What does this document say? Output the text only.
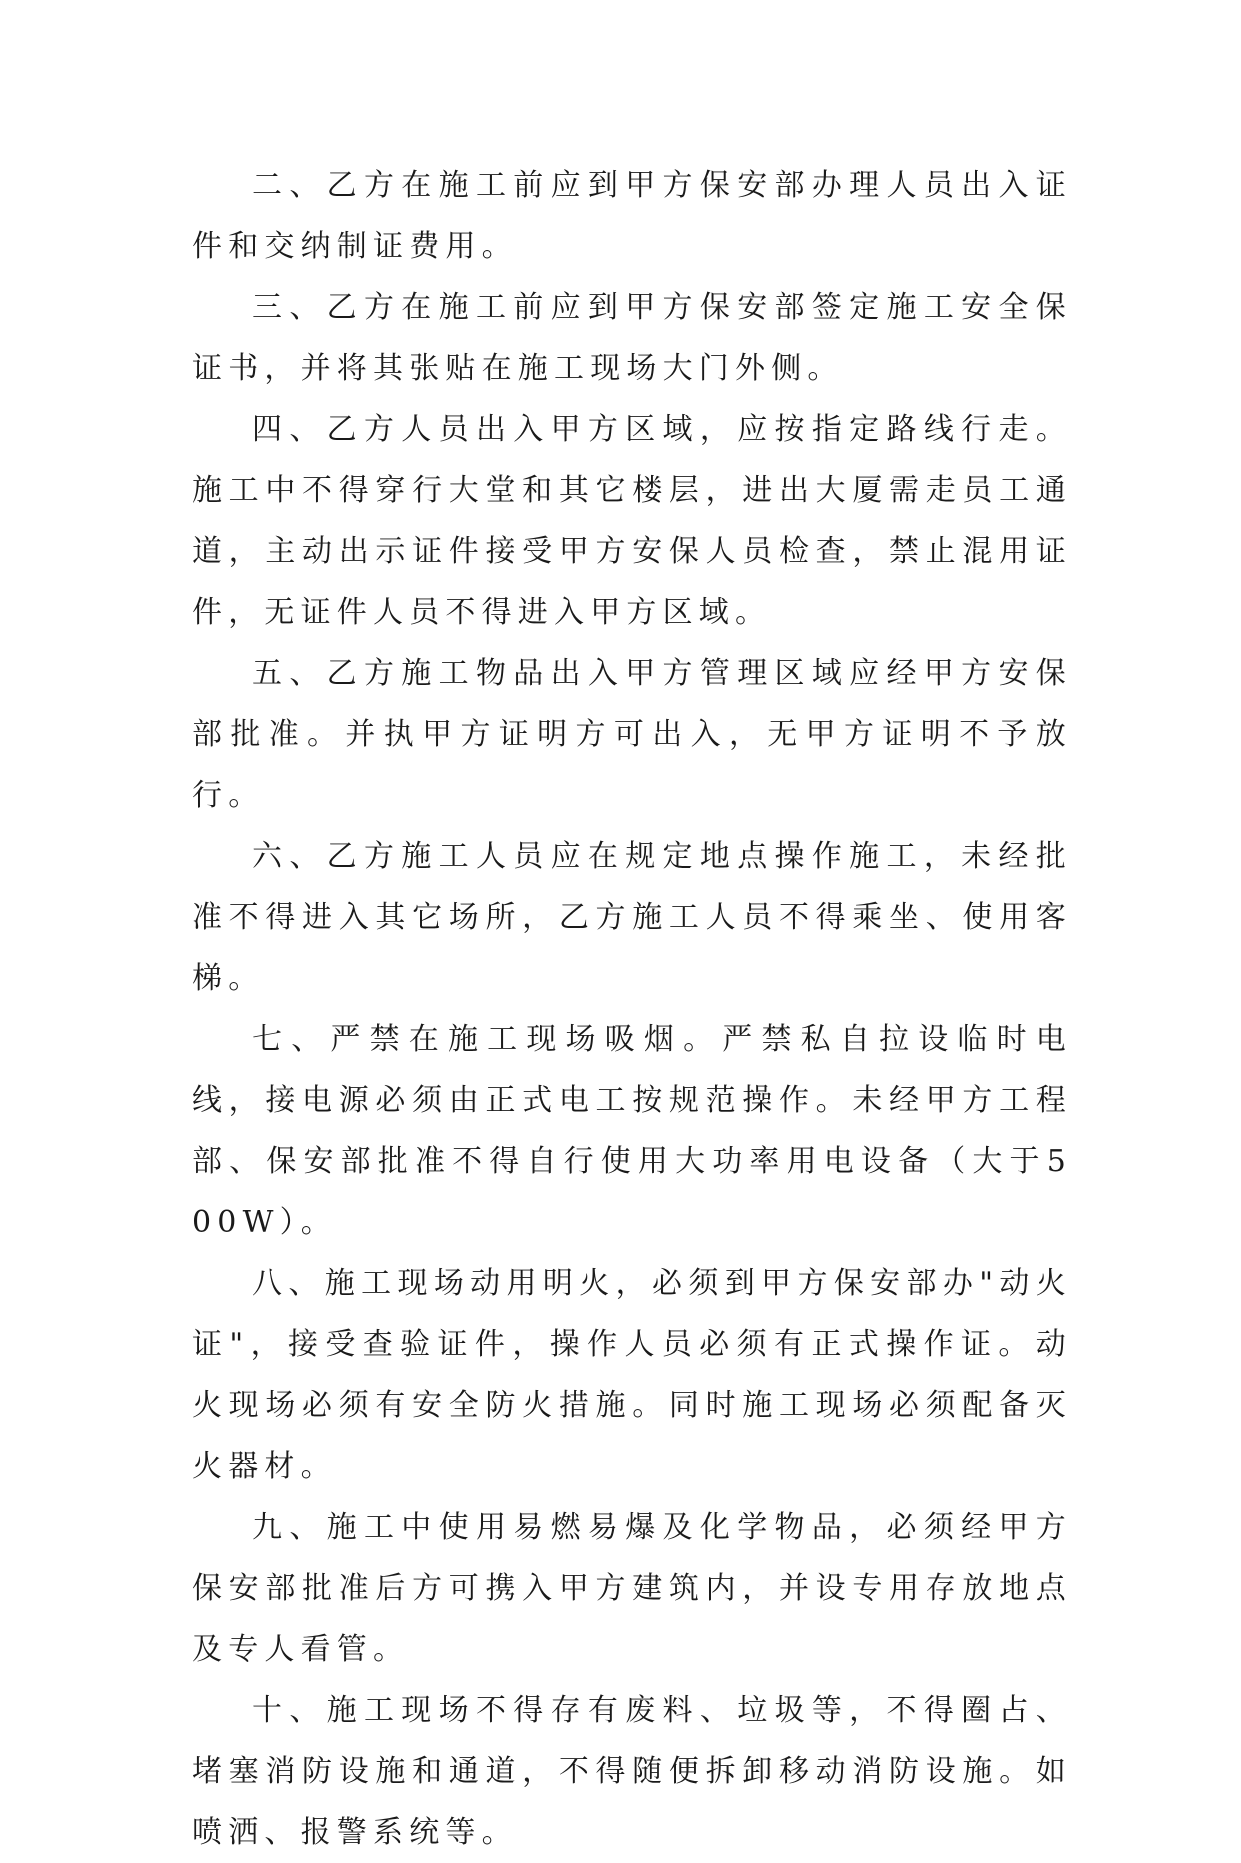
二、乙方在施工前应到甲方保安部办理人员出入证件和交纳制证费用。

三、乙方在施工前应到甲方保安部签定施工安全保证书，并将其张贴在施工现场大门外侧。

四、乙方人员出入甲方区域，应按指定路线行走。施工中不得穿行大堂和其它楼层，进出大厦需走员工通道，主动出示证件接受甲方安保人员检查，禁止混用证件，无证件人员不得进入甲方区域。

五、乙方施工物品出入甲方管理区域应经甲方安保部批准。并执甲方证明方可出入，无甲方证明不予放行。

六、乙方施工人员应在规定地点操作施工，未经批准不得进入其它场所，乙方施工人员不得乘坐、使用客梯。

七、严禁在施工现场吸烟。严禁私自拉设临时电线，接电源必须由正式电工按规范操作。未经甲方工程部、保安部批准不得自行使用大功率用电设备（大于500W）。

八、施工现场动用明火，必须到甲方保安部办"动火证"，接受查验证件，操作人员必须有正式操作证。动火现场必须有安全防火措施。同时施工现场必须配备灭火器材。

九、施工中使用易燃易爆及化学物品，必须经甲方保安部批准后方可携入甲方建筑内，并设专用存放地点及专人看管。

十、施工现场不得存有废料、垃圾等，不得圈占、堵塞消防设施和通道，不得随便拆卸移动消防设施。如喷洒、报警系统等。
